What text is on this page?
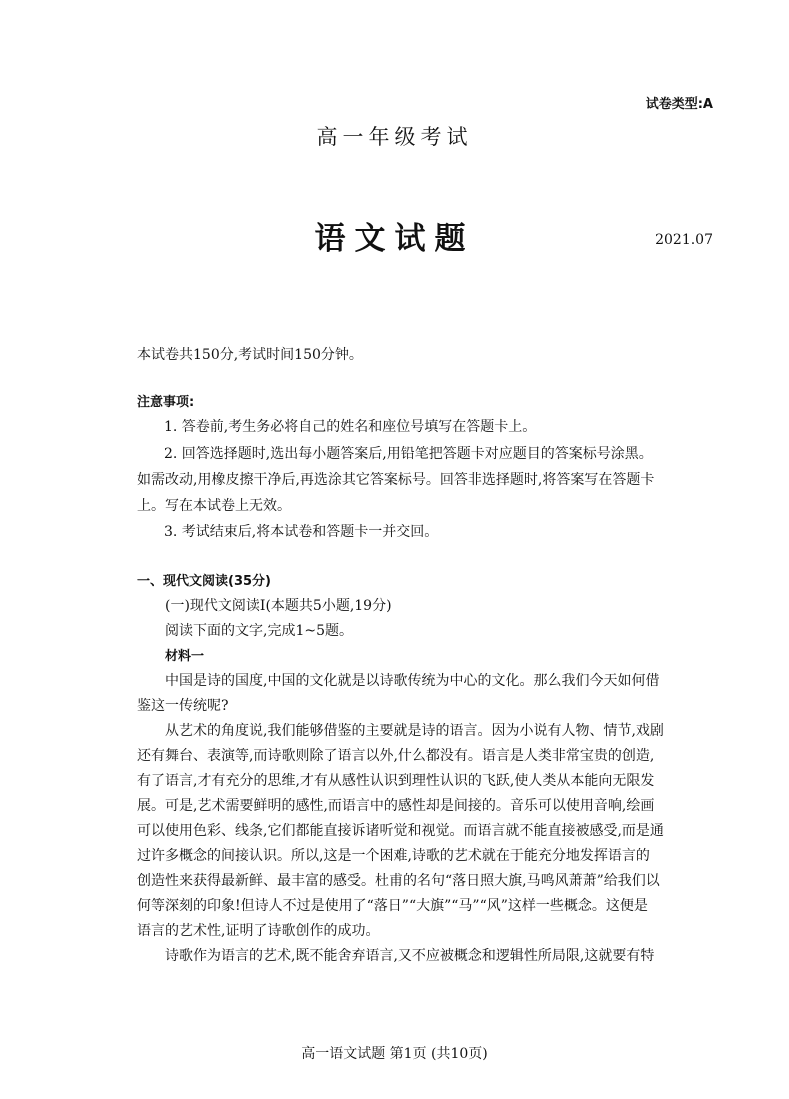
试卷类型:A
高一年级考试
语文试题	2021.07
本试卷共150分,考试时间150分钟。
注意事项:
1. 答卷前,考生务必将自己的姓名和座位号填写在答题卡上。
2. 回答选择题时,选出每小题答案后,用铅笔把答题卡对应题目的答案标号涂黑。
如需改动,用橡皮擦干净后,再选涂其它答案标号。回答非选择题时,将答案写在答题卡
上。写在本试卷上无效。
3. 考试结束后,将本试卷和答题卡一并交回。
一、现代文阅读(35分)
(一)现代文阅读Ⅰ(本题共5小题,19分)
阅读下面的文字,完成1~5题。
材料一
中国是诗的国度,中国的文化就是以诗歌传统为中心的文化。那么我们今天如何借
鉴这一传统呢?
从艺术的角度说,我们能够借鉴的主要就是诗的语言。因为小说有人物、情节,戏剧
还有舞台、表演等,而诗歌则除了语言以外,什么都没有。语言是人类非常宝贵的创造,
有了语言,才有充分的思维,才有从感性认识到理性认识的飞跃,使人类从本能向无限发
展。可是,艺术需要鲜明的感性,而语言中的感性却是间接的。音乐可以使用音响,绘画
可以使用色彩、线条,它们都能直接诉诸听觉和视觉。而语言就不能直接被感受,而是通
过许多概念的间接认识。所以,这是一个困难,诗歌的艺术就在于能充分地发挥语言的
创造性来获得最新鲜、最丰富的感受。杜甫的名句“落日照大旗,马鸣风萧萧”给我们以
何等深刻的印象!但诗人不过是使用了“落日”“大旗”“马”“风”这样一些概念。这便是
语言的艺术性,证明了诗歌创作的成功。
诗歌作为语言的艺术,既不能舍弃语言,又不应被概念和逻辑性所局限,这就要有特
高一语文试题 第1页 (共10页)
